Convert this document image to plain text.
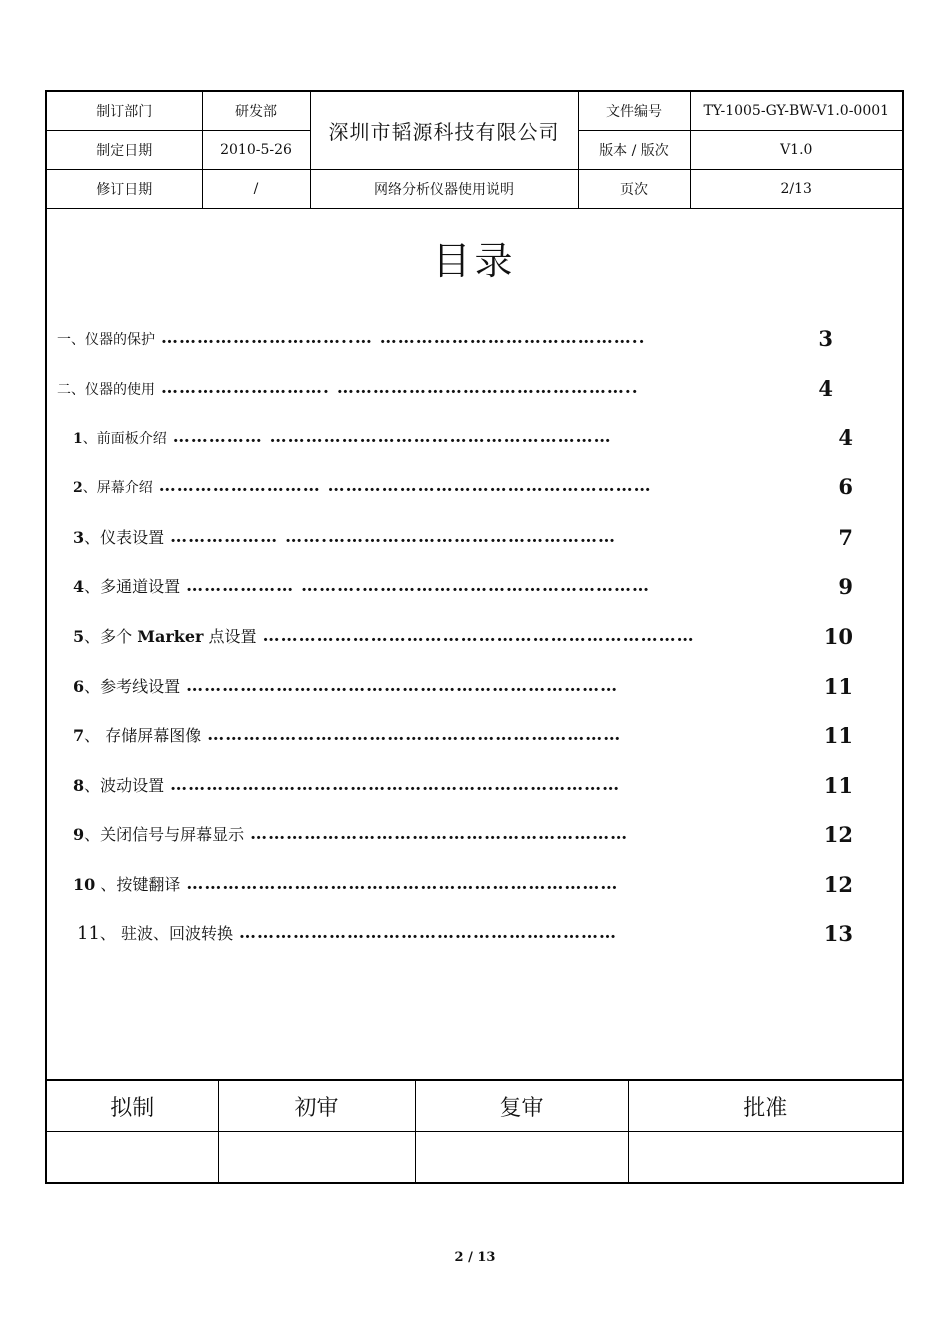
制订部门	研发部	深圳市韬源科技有限公司	文件编号	TY-1005-GY-BW-V1.0-0001
制定日期	2010-5-26		版本 / 版次	V1.0
修订日期	/	网络分析仪器使用说明	页次	2/13
目录
一、仪器的保护 …………………………..… ……………………………………..	3
二、仪器的使用 ………………………. …………………………………………..	4
1、前面板介绍 …………… …………………………………………………	4
2、屏幕介绍 ……………………… ………………………………………………	6
3、仪表设置 ……………… …….…………………………………………	7
4、多通道设置 ……………… ……….…………………………………………	9
5、多个 Marker 点设置 ………………………………………………………………	10
6、参考线设置 ………………………………………………………………	11
7、 存储屏幕图像 ……………………………………………………………	11
8、波动设置 …………………………………………………………………	11
9、关闭信号与屏幕显示 ………………………………………………………	12
10 、按键翻译 ………………………………………………………………	12
11、 驻波、回波转换 ………………………………………………………	13
拟制	初审	复审	批准

2 / 13
